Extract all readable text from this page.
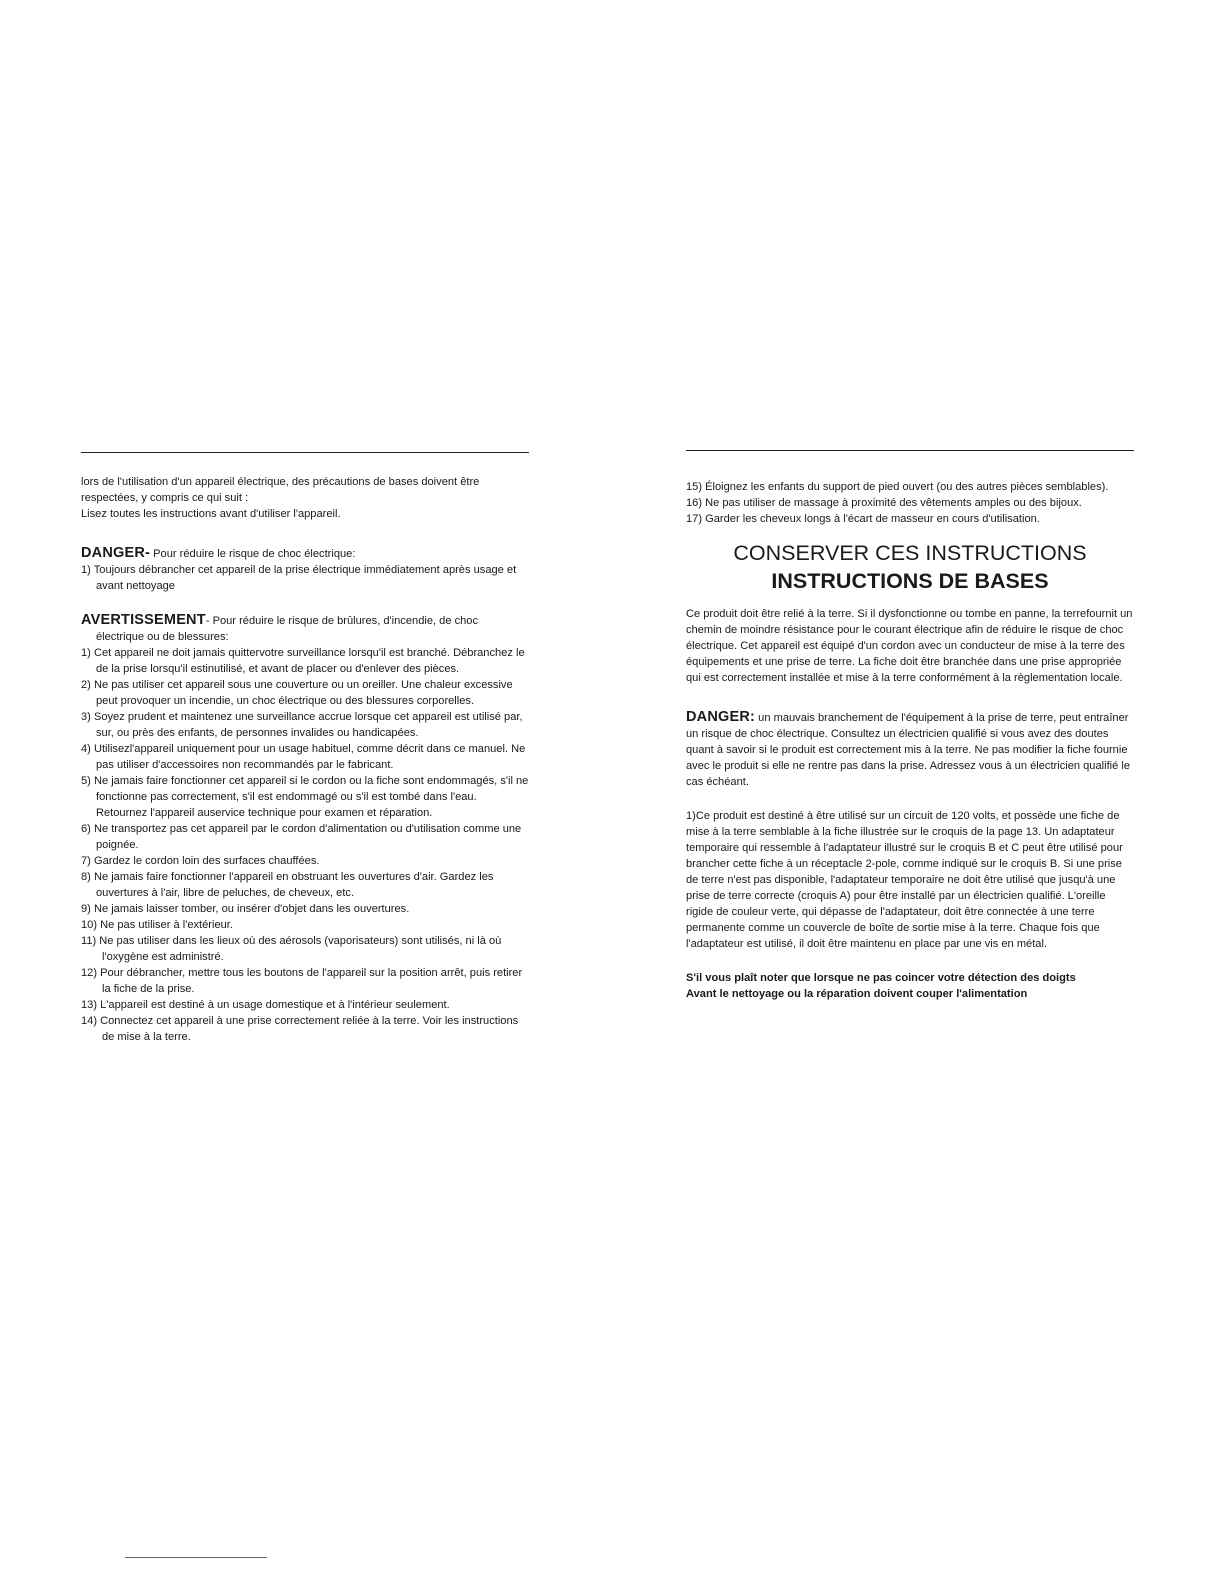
lors de l'utilisation d'un appareil électrique, des précautions de bases doivent être respectées, y compris ce qui suit :

Lisez toutes les instructions avant d'utiliser l'appareil.

DANGER- Pour réduire le risque de choc électrique:

1) Toujours débrancher cet appareil de la prise électrique immédiatement après usage et avant nettoyage

AVERTISSEMENT- Pour réduire le risque de brûlures, d'incendie, de choc électrique ou de blessures:

1) Cet appareil ne doit jamais quittervotre surveillance lorsqu'il est branché. Débranchez le de la prise lorsqu'il estinutilisé, et avant de placer ou d'enlever des pièces.

2) Ne pas utiliser cet appareil sous une couverture ou un oreiller. Une chaleur excessive peut provoquer un incendie, un choc électrique ou des blessures corporelles.

3) Soyez prudent et maintenez une surveillance accrue lorsque cet appareil est utilisé par, sur, ou près des enfants, de personnes invalides ou handicapées.

4) Utilisezl'appareil uniquement pour un usage habituel, comme décrit dans ce manuel. Ne pas utiliser d'accessoires non recommandés par le fabricant.

5) Ne jamais faire fonctionner cet appareil si le cordon ou la fiche sont endommagés, s'il ne fonctionne pas correctement, s'il est endommagé ou s'il est tombé dans l'eau. Retournez l'appareil auservice technique pour examen et réparation.

6) Ne transportez pas cet appareil par le cordon d'alimentation ou d'utilisation comme une poignée.

7) Gardez le cordon loin des surfaces chauffées.

8) Ne jamais faire fonctionner l'appareil en obstruant les ouvertures d'air. Gardez les ouvertures à l'air, libre de peluches, de cheveux, etc.

9) Ne jamais laisser tomber, ou insérer d'objet dans les ouvertures.

10) Ne pas utiliser à l'extérieur.

11) Ne pas utiliser dans les lieux où des aérosols (vaporisateurs) sont utilisés, ni là où l'oxygène est administré.

12) Pour débrancher, mettre tous les boutons de l'appareil sur la position arrêt, puis retirer la fiche de la prise.

13) L'appareil est destiné à un usage domestique et à l'intérieur seulement.

14) Connectez cet appareil à une prise correctement reliée à la terre. Voir les instructions de mise à la terre.

15) Éloignez les enfants du support de pied ouvert (ou des autres pièces semblables).

16) Ne pas utiliser de massage à proximité des vêtements amples ou des bijoux.

17) Garder les cheveux longs à l'écart de masseur en cours d'utilisation.

CONSERVER CES INSTRUCTIONS
INSTRUCTIONS DE BASES

Ce produit doit être relié à la terre. Si il dysfonctionne ou tombe en panne, la terrefournit un chemin de moindre résistance pour le courant électrique afin de réduire le risque de choc électrique. Cet appareil est équipé d'un cordon avec un conducteur de mise à la terre des équipements et une prise de terre. La fiche doit être branchée dans une prise appropriée qui est correctement installée et mise à la terre conformément à la règlementation locale.

DANGER: un mauvais branchement de l'équipement à la prise de terre, peut entraîner un risque de choc électrique. Consultez un électricien qualifié si vous avez des doutes quant à savoir si le produit est correctement mis à la terre. Ne pas modifier la fiche fournie avec le produit si elle ne rentre pas dans la prise. Adressez vous à un électricien qualifié le cas échéant.

1)Ce produit est destiné à être utilisé sur un circuit de 120 volts, et possède une fiche de mise à la terre semblable à la fiche illustrée sur le croquis de la page 13. Un adaptateur temporaire qui ressemble à l'adaptateur illustré sur le croquis B et C peut être utilisé pour brancher cette fiche à un réceptacle 2-pole, comme indiqué sur le croquis B. Si une prise de terre n'est pas disponible, l'adaptateur temporaire ne doit être utilisé que jusqu'à une prise de terre correcte (croquis A) pour être installé par un électricien qualifié. L'oreille rigide de couleur verte, qui dépasse de l'adaptateur, doit être connectée à une terre permanente comme un couvercle de boîte de sortie mise à la terre. Chaque fois que l'adaptateur est utilisé, il doit être maintenu en place par une vis en métal.

S'il vous plaît noter que lorsque ne pas coincer votre détection des doigts

Avant le nettoyage ou la réparation doivent couper l'alimentation
